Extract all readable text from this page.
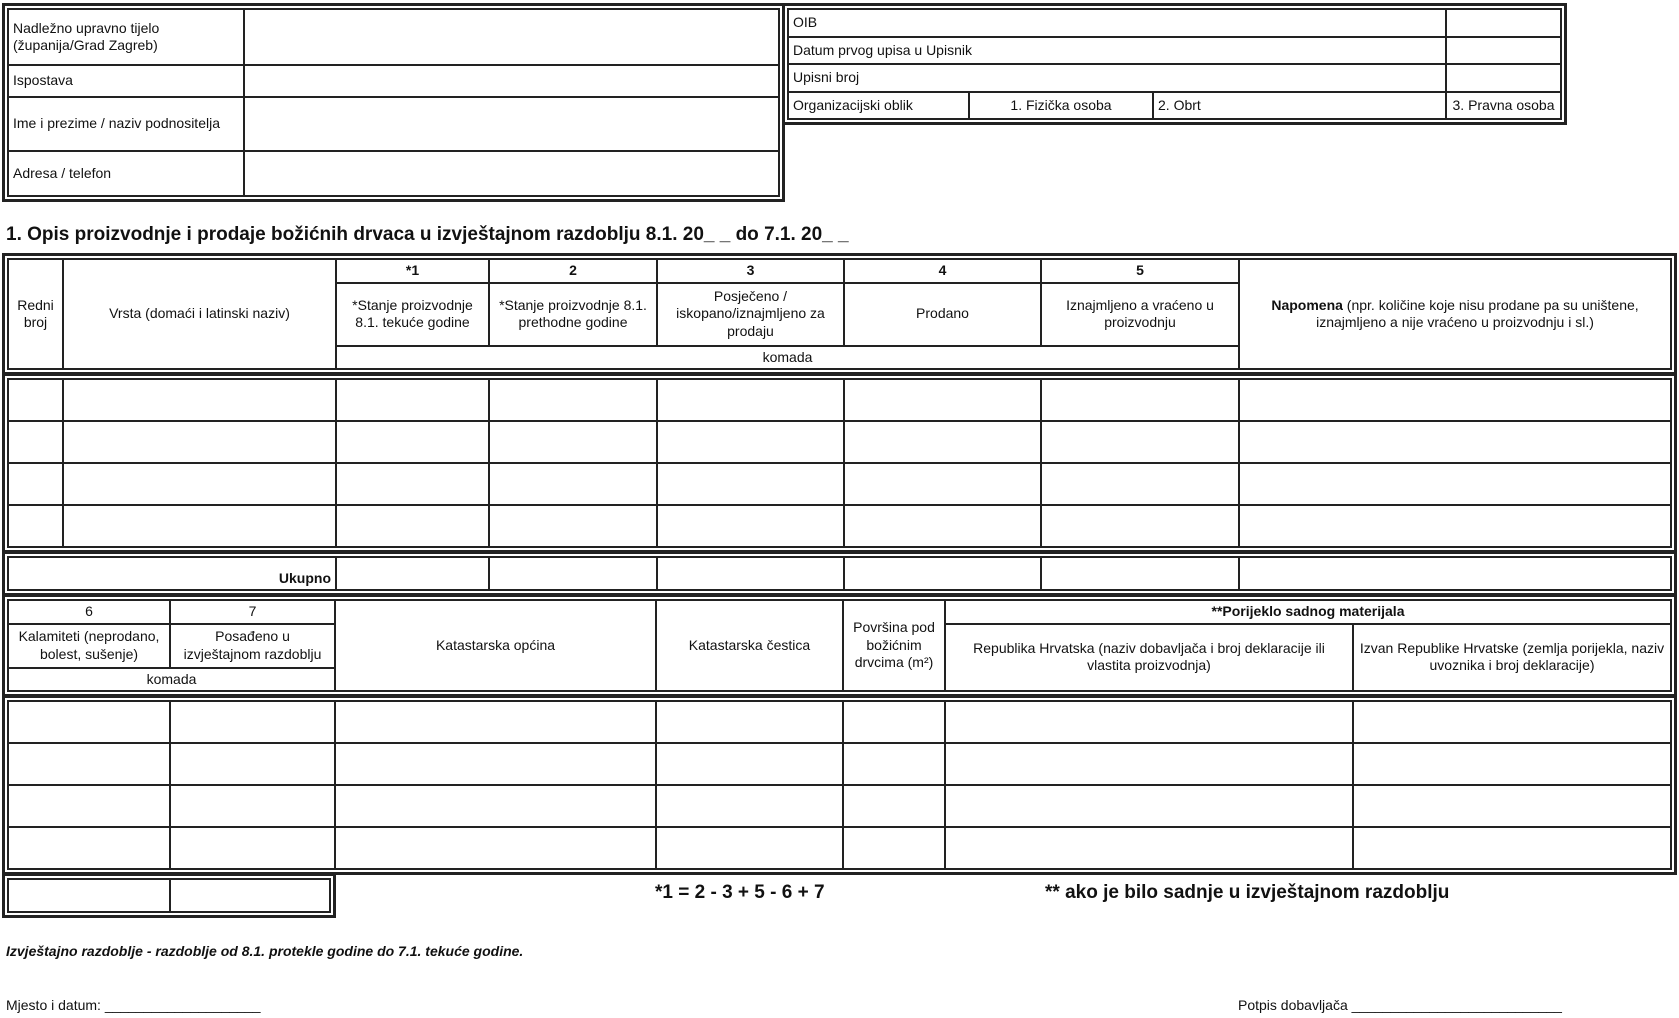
Nadležno upravno tijelo (županija/Grad Zagreb)	
Ispostava	
Ime i prezime / naziv podnositelja	
Adresa / telefon	
OIB			
Datum prvog upisa u Upisnik			
Upisni broj			
Organizacijski oblik	1. Fizička osoba	2. Obrt	3. Pravna osoba
1. Opis proizvodnje i prodaje božićnih drvaca u izvještajnom razdoblju 8.1. 20_ _ do 7.1. 20_ _
Redni broj	Vrsta (domaći i latinski naziv)	*1	2	3	4	5	Napomena (npr. količine koje nisu prodane pa su uništene, iznajmljeno a nije vraćeno u proizvodnju i sl.)
		*Stanje proizvodnje 8.1. tekuće godine	*Stanje proizvodnje 8.1. prethodne godine	Posječeno / iskopano/iznajmljeno za prodaju	Prodano	Iznajmljeno a vraćeno u proizvodnju	
		komada					

Ukupno						
6	7	Katastarska općina	Katastarska čestica	Površina pod božićnim drvcima (m²)	**Porijeklo sadnog materijala	
Kalamiteti (neprodano, bolest, sušenje)	Posađeno u izvještajnom razdoblju				Republika Hrvatska (naziv dobavljača i broj deklaracije ili vlastita proizvodnja)	Izvan Republike Hrvatske (zemlja porijekla, naziv uvoznika i broj deklaracije)
komada						

*1 = 2 - 3 + 5 - 6 + 7	** ako je bilo sadnje u izvještajnom razdoblju
Izvještajno razdoblje - razdoblje od 8.1. protekle godine do 7.1. tekuće godine.
Mjesto i datum: ____________________	Potpis dobavljača ___________________________
